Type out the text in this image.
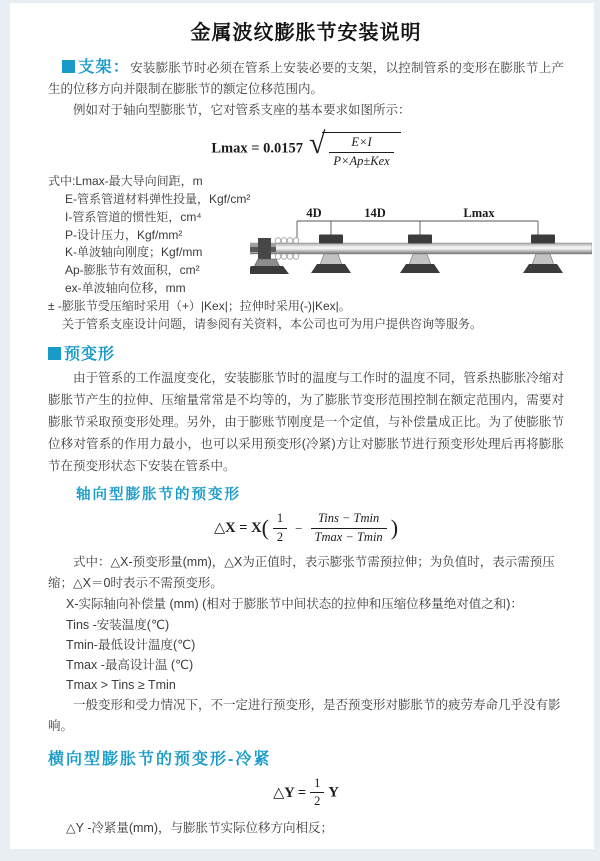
金属波纹膨胀节安装说明

支架：安装膨胀节时必须在管系上安装必要的支架，以控制管系的变形在膨胀节上产生的位移方向并限制在膨胀节的额定位移范围内。

例如对于轴向型膨胀节，它对管系支座的基本要求如图所示：

Lmax = 0.0157 √ $\frac{E\times I}{\text{P×Ap±Kex}}$
式中:Lmax-最大导向间距，m
E-管系管道材料弹性投量，Kgf/cm²
I-管系管道的惯性矩，cm⁴
P-设计压力，Kgf/mm²
K-单波轴向刚度；Kgf/mm
Ap-膨胀节有效面积，cm²
ex-单波轴向位移，mm
± -膨胀节受压缩时采用（+）|Kex|；拉伸时采用(-)|Kex|。
关于管系支座设计问题，请参阅有关资料，本公司也可为用户提供咨询等服务。
4D	14D	Lmax
预变形

由于管系的工作温度变化，安装膨胀节时的温度与工作时的温度不同，管系热膨胀冷缩对膨胀节产生的拉伸、压缩量常常是不均等的，为了膨胀节变形范围控制在额定范围内，需要对膨胀节采取预变形处理。另外，由于膨账节刚度是一个定值，与补偿量成正比。为了使膨胀节位移对管系的作用力最小，也可以采用预变形(冷紧)方让对膨胀节进行预变形处理后再将膨胀节在预变形状态下安装在管系中。

轴向型膨胀节的预变形
△X = $X( \frac{1}{2} - \frac{\text{Tins − Tmin}}{Tmax - Tmin}$ )

式中：△X-预变形量(mm)，△X为正值时，表示膨张节需预拉伸；为负值时，表示需预压缩；△X＝0时表示不需预变形。

X-实际轴向补偿量 (mm) (相对于膨胀节中间状态的拉伸和压缩位移量绝对值之和)：

Tins -安装温度(℃)

Tmin-最低设计温度(℃)

Tmax -最高设计温 (℃)

Tmax > Tins ≥ Tmin

一般变形和受力情况下，不一定进行预变形，是否预变形对膨胀节的疲劳寿命几乎没有影响。

横向型膨胀节的预变形-冷紧
△Y = $\frac{1}{2}$ Y

△Y -冷紧量(mm)，与膨胀节实际位移方向相反；
